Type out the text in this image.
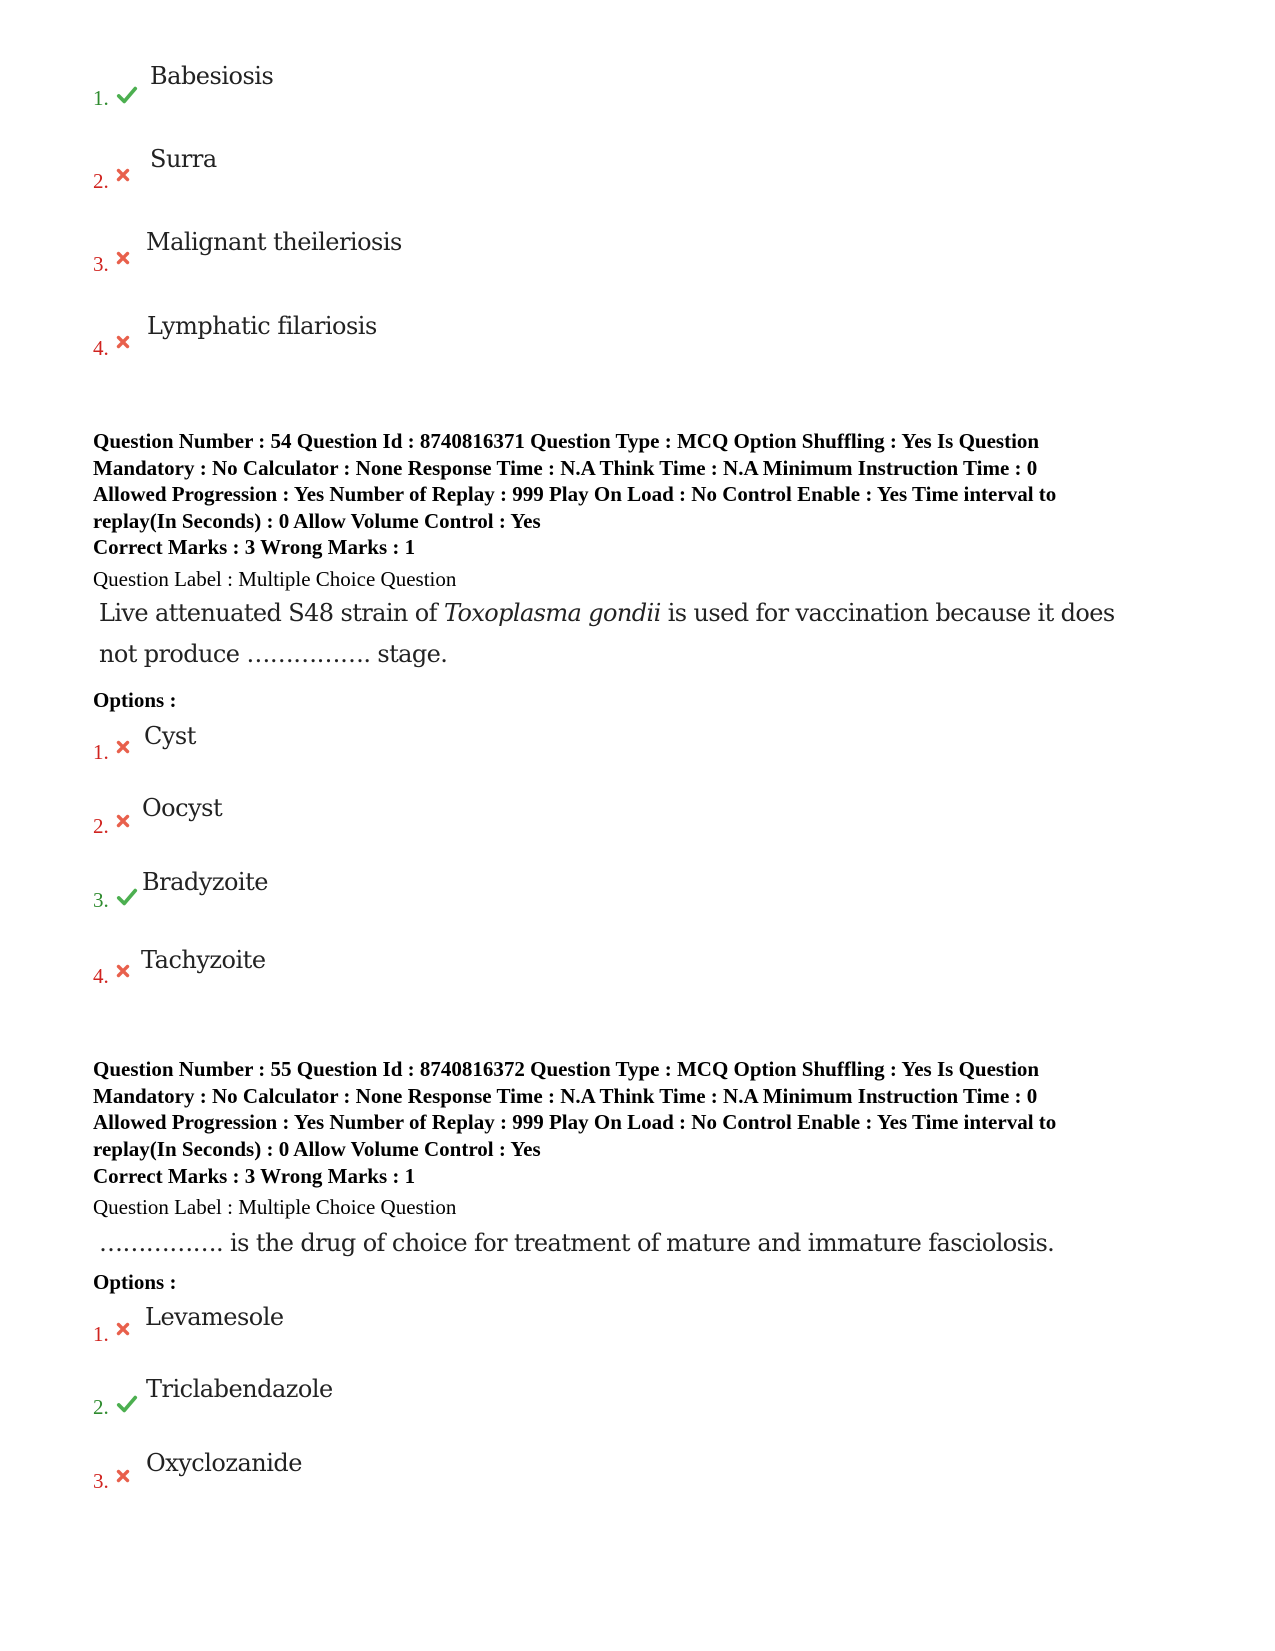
1.
Babesiosis
2.
Surra
3.
Malignant theileriosis
4.
Lymphatic filariosis
Question Number : 54 Question Id : 8740816371 Question Type : MCQ Option Shuffling : Yes Is Question
Mandatory : No Calculator : None Response Time : N.A Think Time : N.A Minimum Instruction Time : 0
Allowed Progression : Yes Number of Replay : 999 Play On Load : No Control Enable : Yes Time interval to
replay(In Seconds) : 0 Allow Volume Control : Yes
Correct Marks : 3 Wrong Marks : 1
Question Label : Multiple Choice Question
Live attenuated S48 strain of Toxoplasma gondii is used for vaccination because it does
not produce ……………. stage.
Options :
1.
Cyst
2.
Oocyst
3.
Bradyzoite
4.
Tachyzoite
Question Number : 55 Question Id : 8740816372 Question Type : MCQ Option Shuffling : Yes Is Question
Mandatory : No Calculator : None Response Time : N.A Think Time : N.A Minimum Instruction Time : 0
Allowed Progression : Yes Number of Replay : 999 Play On Load : No Control Enable : Yes Time interval to
replay(In Seconds) : 0 Allow Volume Control : Yes
Correct Marks : 3 Wrong Marks : 1
Question Label : Multiple Choice Question
……………. is the drug of choice for treatment of mature and immature fasciolosis.
Options :
1.
Levamesole
2.
Triclabendazole
3.
Oxyclozanide
